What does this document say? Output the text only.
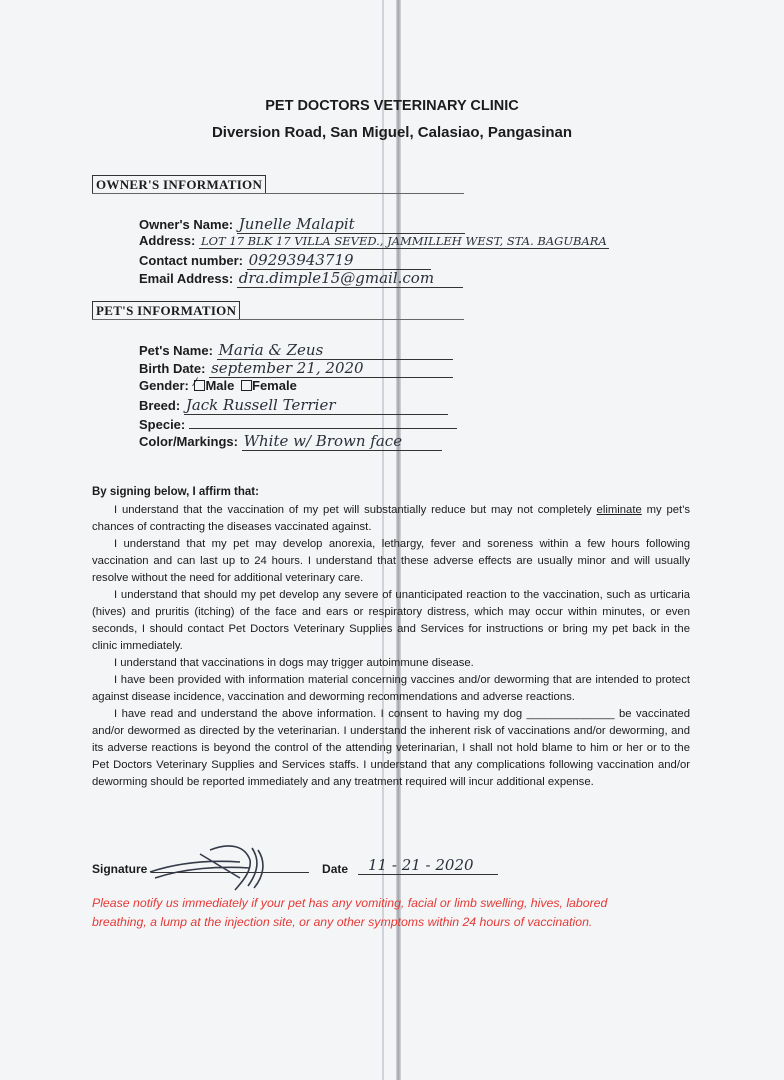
PET DOCTORS VETERINARY CLINIC
Diversion Road, San Miguel, Calasiao, Pangasinan
OWNER'S INFORMATION
Owner's Name: Junelle Malapit
Address: LOT 17 BLK 17 VILLA SEVED., JAMMILLEH WEST, STA. BAGUBARA
Contact number: 09293943719
Email Address: dra.dimple15@gmail.com
PET'S INFORMATION
Pet's Name: Maria & Zeus
Birth Date: september 21, 2020
Gender: ⁄ Male Female
Breed: Jack Russell Terrier
Specie:
Color/Markings: White w/ Brown face
By signing below, I affirm that:

I understand that the vaccination of my pet will substantially reduce but may not completely eliminate my pet's chances of contracting the diseases vaccinated against.

I understand that my pet may develop anorexia, lethargy, fever and soreness within a few hours following vaccination and can last up to 24 hours. I understand that these adverse effects are usually minor and will usually resolve without the need for additional veterinary care.

I understand that should my pet develop any severe of unanticipated reaction to the vaccination, such as urticaria (hives) and pruritis (itching) of the face and ears or respiratory distress, which may occur within minutes, or even seconds, I should contact Pet Doctors Veterinary Supplies and Services for instructions or bring my pet back in the clinic immediately.

I understand that vaccinations in dogs may trigger autoimmune disease.

I have been provided with information material concerning vaccines and/or deworming that are intended to protect against disease incidence, vaccination and deworming recommendations and adverse reactions.

I have read and understand the above information. I consent to having my dog ______________ be vaccinated and/or dewormed as directed by the veterinarian. I understand the inherent risk of vaccinations and/or deworming, and its adverse reactions is beyond the control of the attending veterinarian, I shall not hold blame to him or her or to the Pet Doctors Veterinary Supplies and Services staffs. I understand that any complications following vaccination and/or deworming should be reported immediately and any treatment required will incur additional expense.

Signature	Date	11 - 21 - 2020
Please notify us immediately if your pet has any vomiting, facial or limb swelling, hives, labored breathing, a lump at the injection site, or any other symptoms within 24 hours of vaccination.
